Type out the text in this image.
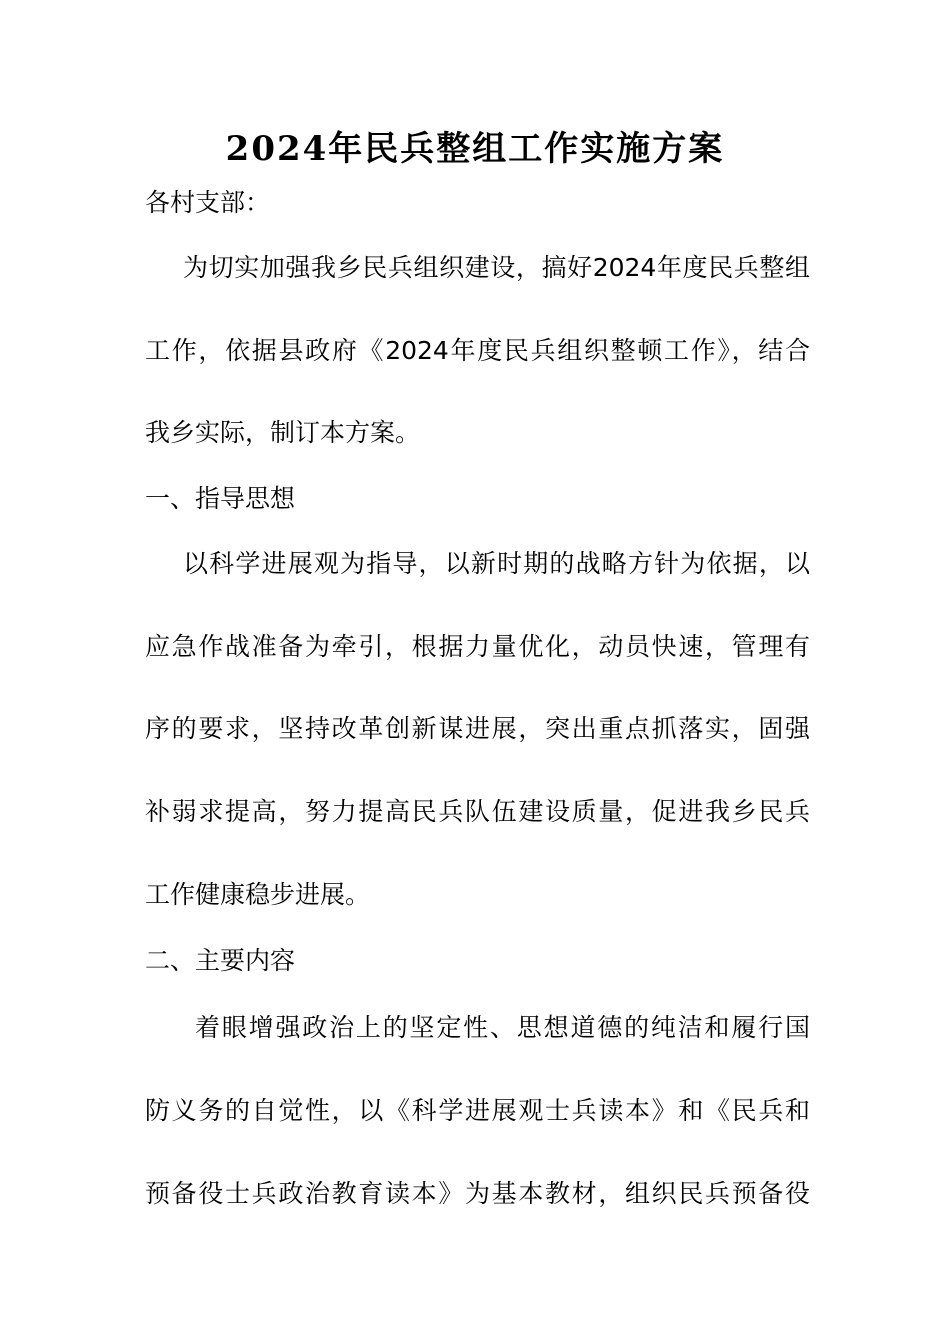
2024年民兵整组工作实施方案
各村支部：
为切实加强我乡民兵组织建设，搞好2024年度民兵整组
工作，依据县政府《2024年度民兵组织整顿工作》，结合
我乡实际，制订本方案。
一、指导思想
以科学进展观为指导，以新时期的战略方针为依据，以
应急作战准备为牵引，根据力量优化，动员快速，管理有
序的要求，坚持改革创新谋进展，突出重点抓落实，固强
补弱求提高，努力提高民兵队伍建设质量，促进我乡民兵
工作健康稳步进展。
二、主要内容
着眼增强政治上的坚定性、思想道德的纯洁和履行国
防义务的自觉性，以《科学进展观士兵读本》和《民兵和
预备役士兵政治教育读本》为基本教材，组织民兵预备役
